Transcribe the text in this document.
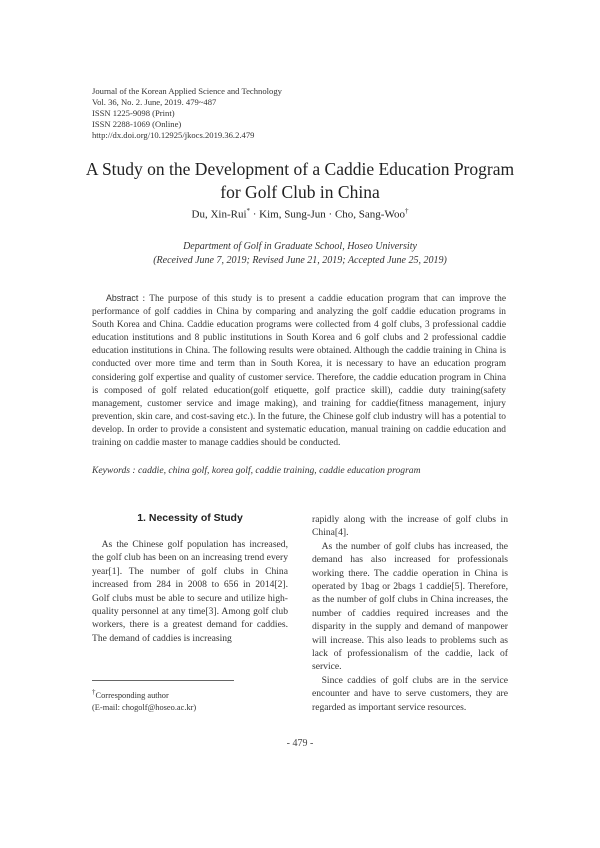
Journal of the Korean Applied Science and Technology
Vol. 36, No. 2. June, 2019. 479~487
ISSN 1225-9098 (Print)
ISSN 2288-1069 (Online)
http://dx.doi.org/10.12925/jkocs.2019.36.2.479
A Study on the Development of a Caddie Education Program
for Golf Club in China
Du, Xin-Rui* · Kim, Sung-Jun · Cho, Sang-Woo†
Department of Golf in Graduate School, Hoseo University
(Received June 7, 2019; Revised June 21, 2019; Accepted June 25, 2019)
Abstract : The purpose of this study is to present a caddie education program that can improve the performance of golf caddies in China by comparing and analyzing the golf caddie education programs in South Korea and China. Caddie education programs were collected from 4 golf clubs, 3 professional caddie education institutions and 8 public institutions in South Korea and 6 golf clubs and 2 professional caddie education institutions in China. The following results were obtained. Although the caddie training in China is conducted over more time and term than in South Korea, it is necessary to have an education program considering golf expertise and quality of customer service. Therefore, the caddie education program in China is composed of golf related education(golf etiquette, golf practice skill), caddie duty training(safety management, customer service and image making), and training for caddie(fitness management, injury prevention, skin care, and cost-saving etc.). In the future, the Chinese golf club industry will has a potential to develop. In order to provide a consistent and systematic education, manual training on caddie education and training on caddie master to manage caddies should be conducted.
Keywords : caddie, china golf, korea golf, caddie training, caddie education program
1. Necessity of Study

As the Chinese golf population has increased, the golf club has been on an increasing trend every year[1]. The number of golf clubs in China increased from 284 in 2008 to 656 in 2014[2]. Golf clubs must be able to secure and utilize high-quality personnel at any time[3]. Among golf club workers, there is a greatest demand for caddies. The demand of caddies is increasing

rapidly along with the increase of golf clubs in China[4].

As the number of golf clubs has increased, the demand has also increased for professionals working there. The caddie operation in China is operated by 1bag or 2bags 1 caddie[5]. Therefore, as the number of golf clubs in China increases, the number of caddies required increases and the disparity in the supply and demand of manpower will increase. This also leads to problems such as lack of professionalism of the caddie, lack of service.

Since caddies of golf clubs are in the service encounter and have to serve customers, they are regarded as important service resources.

†Corresponding author
(E-mail: chogolf@hoseo.ac.kr)
- 479 -
